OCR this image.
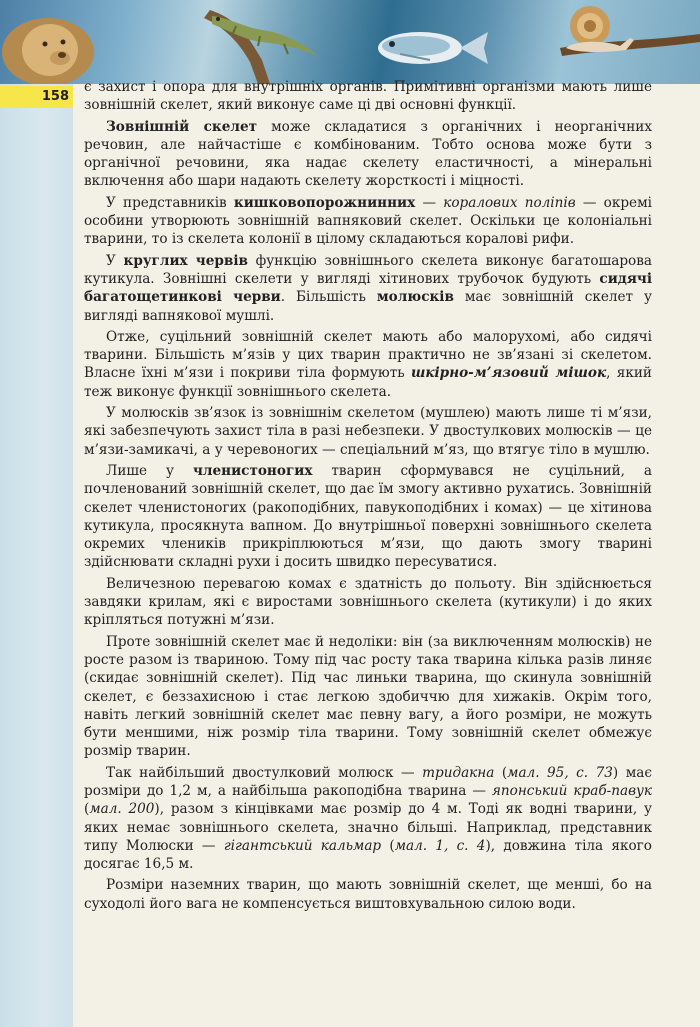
158

є захист і опора для внутрішніх органів. Примітивні організми мають лише зовнішній скелет, який виконує саме ці дві основні функції.

Зовнішній скелет може складатися з органічних і неорганічних речовин, але найчастіше є комбінованим. Тобто основа може бути з органічної речовини, яка надає скелету еластичності, а мінеральні включення або шари надають скелету жорсткості і міцності.

У представників кишковопорожнинних — коралових поліпів — окремі особини утворюють зовнішній вапняковий скелет. Оскільки це колоніальні тварини, то із скелета колонії в цілому складаються коралові рифи.

У круглих червів функцію зовнішнього скелета виконує багатошарова кутикула. Зовнішні скелети у вигляді хітинових трубочок будують сидячі багатощетинкові черви. Більшість молюсків має зовнішній скелет у вигляді вапнякової мушлі.

Отже, суцільний зовнішній скелет мають або малорухомі, або сидячі тварини. Більшість м’язів у цих тварин практично не зв’язані зі скелетом. Власне їхні м’язи і покриви тіла формують шкірно-м’язовий мішок, який теж виконує функції зовнішнього скелета.

У молюсків зв’язок із зовнішнім скелетом (мушлею) мають лише ті м’язи, які забезпечують захист тіла в разі небезпеки. У двостулкових молюсків — це м’язи-замикачі, а у черевоногих — спеціальний м’яз, що втягує тіло в мушлю.

Лише у членистоногих тварин сформувався не суцільний, а почленований зовнішній скелет, що дає їм змогу активно рухатись. Зовнішній скелет членистоногих (ракоподібних, павукоподібних і комах) — це хітинова кутикула, просякнута вапном. До внутрішньої поверхні зовнішнього скелета окремих члеників прикріплюються м’язи, що дають змогу тварині здійснювати складні рухи і досить швидко пересуватися.

Величезною перевагою комах є здатність до польоту. Він здійснюється завдяки крилам, які є виростами зовнішнього скелета (кутикули) і до яких кріпляться потужні м’язи.

Проте зовнішній скелет має й недоліки: він (за виключенням молюсків) не росте разом із твариною. Тому під час росту така тварина кілька разів линяє (скидає зовнішній скелет). Під час линьки тварина, що скинула зовнішній скелет, є беззахисною і стає легкою здобиччю для хижаків. Окрім того, навіть легкий зовнішній скелет має певну вагу, а його розміри, не можуть бути меншими, ніж розмір тіла тварини. Тому зовнішній скелет обмежує розмір тварин.

Так найбільший двостулковий молюск — тридакна (мал. 95, с. 73) має розміри до 1,2 м, а найбільша ракоподібна тварина — японський краб-павук (мал. 200), разом з кінцівками має розмір до 4 м. Тоді як водні тварини, у яких немає зовнішнього скелета, значно більші. Наприклад, представник типу Молюски — гігантський кальмар (мал. 1, с. 4), довжина тіла якого досягає 16,5 м.

Розміри наземних тварин, що мають зовнішній скелет, ще менші, бо на суходолі його вага не компенсується виштовхувальною силою води.
